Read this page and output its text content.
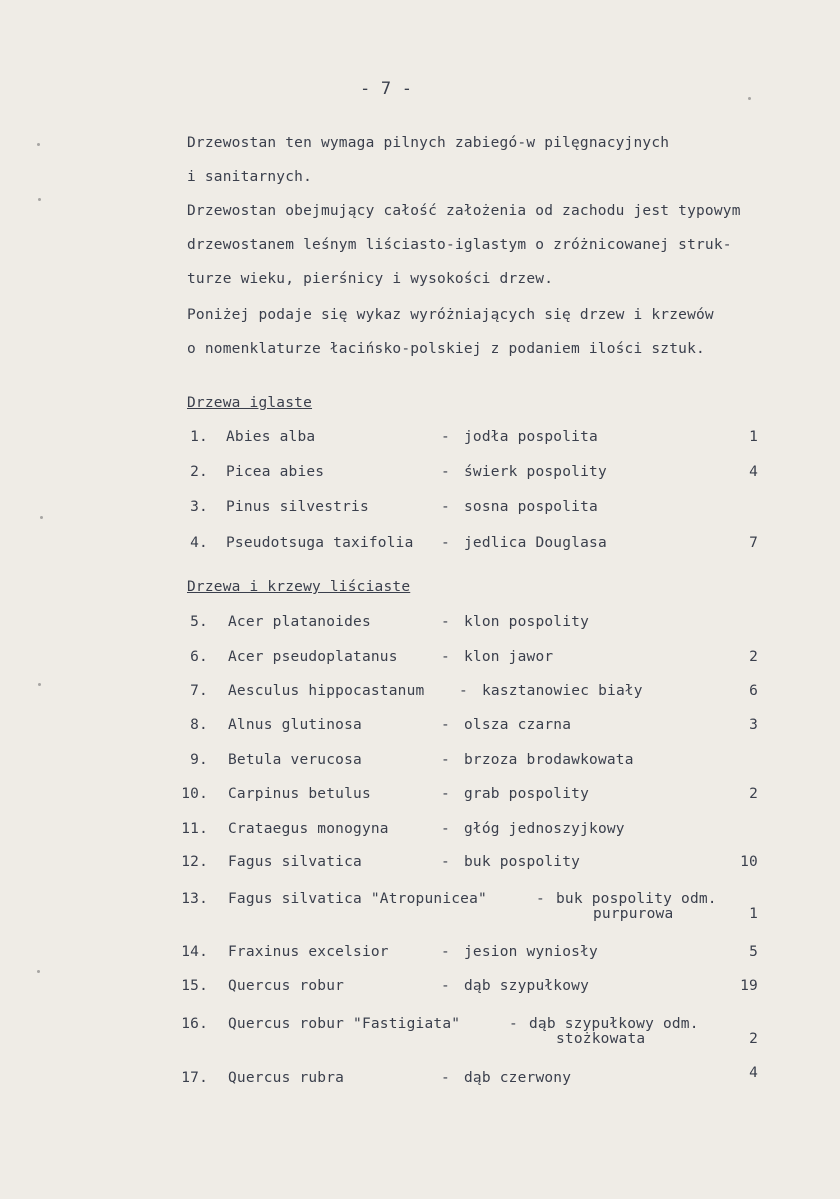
- 7 -
Drzewostan ten wymaga pilnych zabiegó-w pilęgnacyjnych
i sanitarnych.
Drzewostan obejmujący całość założenia od zachodu jest typowym
drzewostanem leśnym liściasto-iglastym o zróżnicowanej struk-
turze wieku, pierśnicy i wysokości drzew.
Poniżej podaje się wykaz wyróżniających się drzew i krzewów
o nomenklaturze łacińsko-polskiej z podaniem ilości sztuk.
Drzewa iglaste
1. Abies alba	- jodła pospolita	1
2. Picea abies	- świerk pospolity	4
3. Pinus silvestris	- sosna pospolita
4. Pseudotsuga taxifolia - jedlica Douglasa	7
Drzewa i krzewy liściaste
5. Acer platanoides	- klon pospolity
6. Acer pseudoplatanus	- klon jawor	2
7. Aesculus hippocastanum - kasztanowiec biały	6
8. Alnus glutinosa	- olsza czarna	3
9. Betula verucosa	- brzoza brodawkowata
10. Carpinus betulus	- grab pospolity	2
11. Crataegus monogyna	- głóg jednoszyjkowy
12. Fagus silvatica	- buk pospolity	10
13. Fagus silvatica "Atropunicea"	- buk pospolity odm.
purpurowa	1
14. Fraxinus excelsior	- jesion wyniosły	5
15. Quercus robur	- dąb szypułkowy	19
16. Quercus robur "Fastigiata"	- dąb szypułkowy odm.
stożkowata	2
17. Quercus rubra	- dąb czerwony	4
